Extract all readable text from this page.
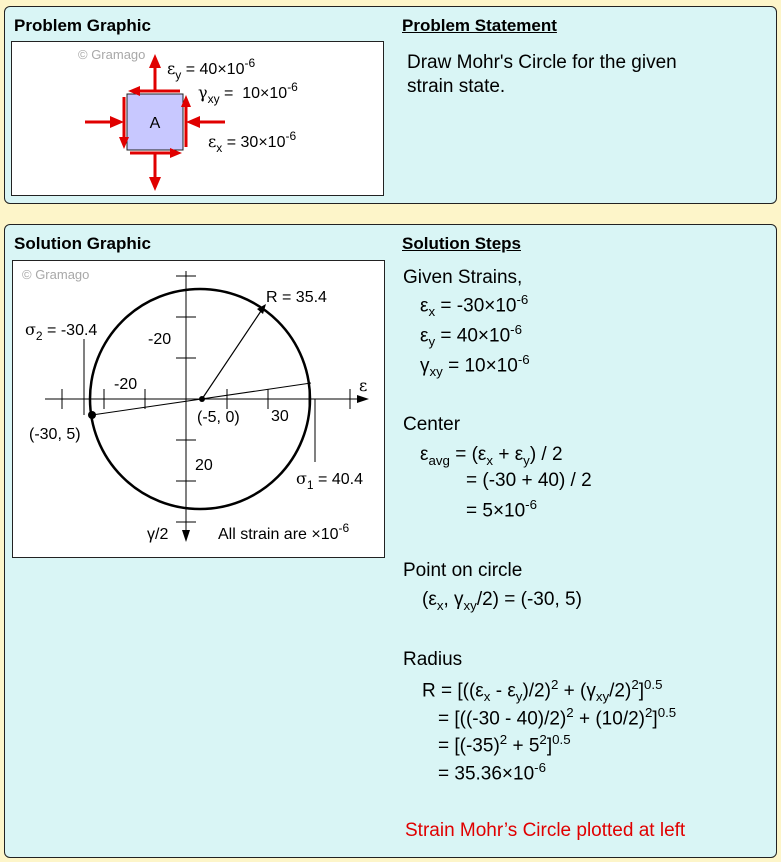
Problem Graphic	Problem Statement
© Gramago
A
$\varepsilon_y = 40\times 10^{-6}$
$\gamma_{xy} = 10\times 10^{-6}$
$\varepsilon_x = 30\times 10^{-6}$
Draw Mohr's Circle for the given
strain state.
Solution Graphic	Solution Steps
© Gramago
R = 35.4
$\sigma_2 = -30.4$
$\sigma_1 = 40.4$
-20
30
-20
20
(-5, 0)
(-30, 5)
ε
γ/2	All strain are $\times 10^{-6}$
Given Strains,
$\varepsilon_x = -30\times 10^{-6}$
$\varepsilon_y = 40\times 10^{-6}$
$\gamma_{xy} = 10\times 10^{-6}$
Center
$\varepsilon_{avg} = (\varepsilon_x + \varepsilon_y) / 2$
= (-30 + 40) / 2
= $5\times 10^{-6}$
Point on circle
($\varepsilon_x$, $\gamma_{xy}/2) = (-30$, 5)
Radius
$R = [((\varepsilon_x - \varepsilon_y)/2)^2 + (\gamma_{xy}/2)^2]^{0.5}$
= $[((-30 - 40)/2)^2 + (10/2)^2]^{0.5}$
= $[(-35)^2 + 5^2]^{0.5}$
= $35.36\times 10^{-6}$
Strain Mohr’s Circle plotted at left
